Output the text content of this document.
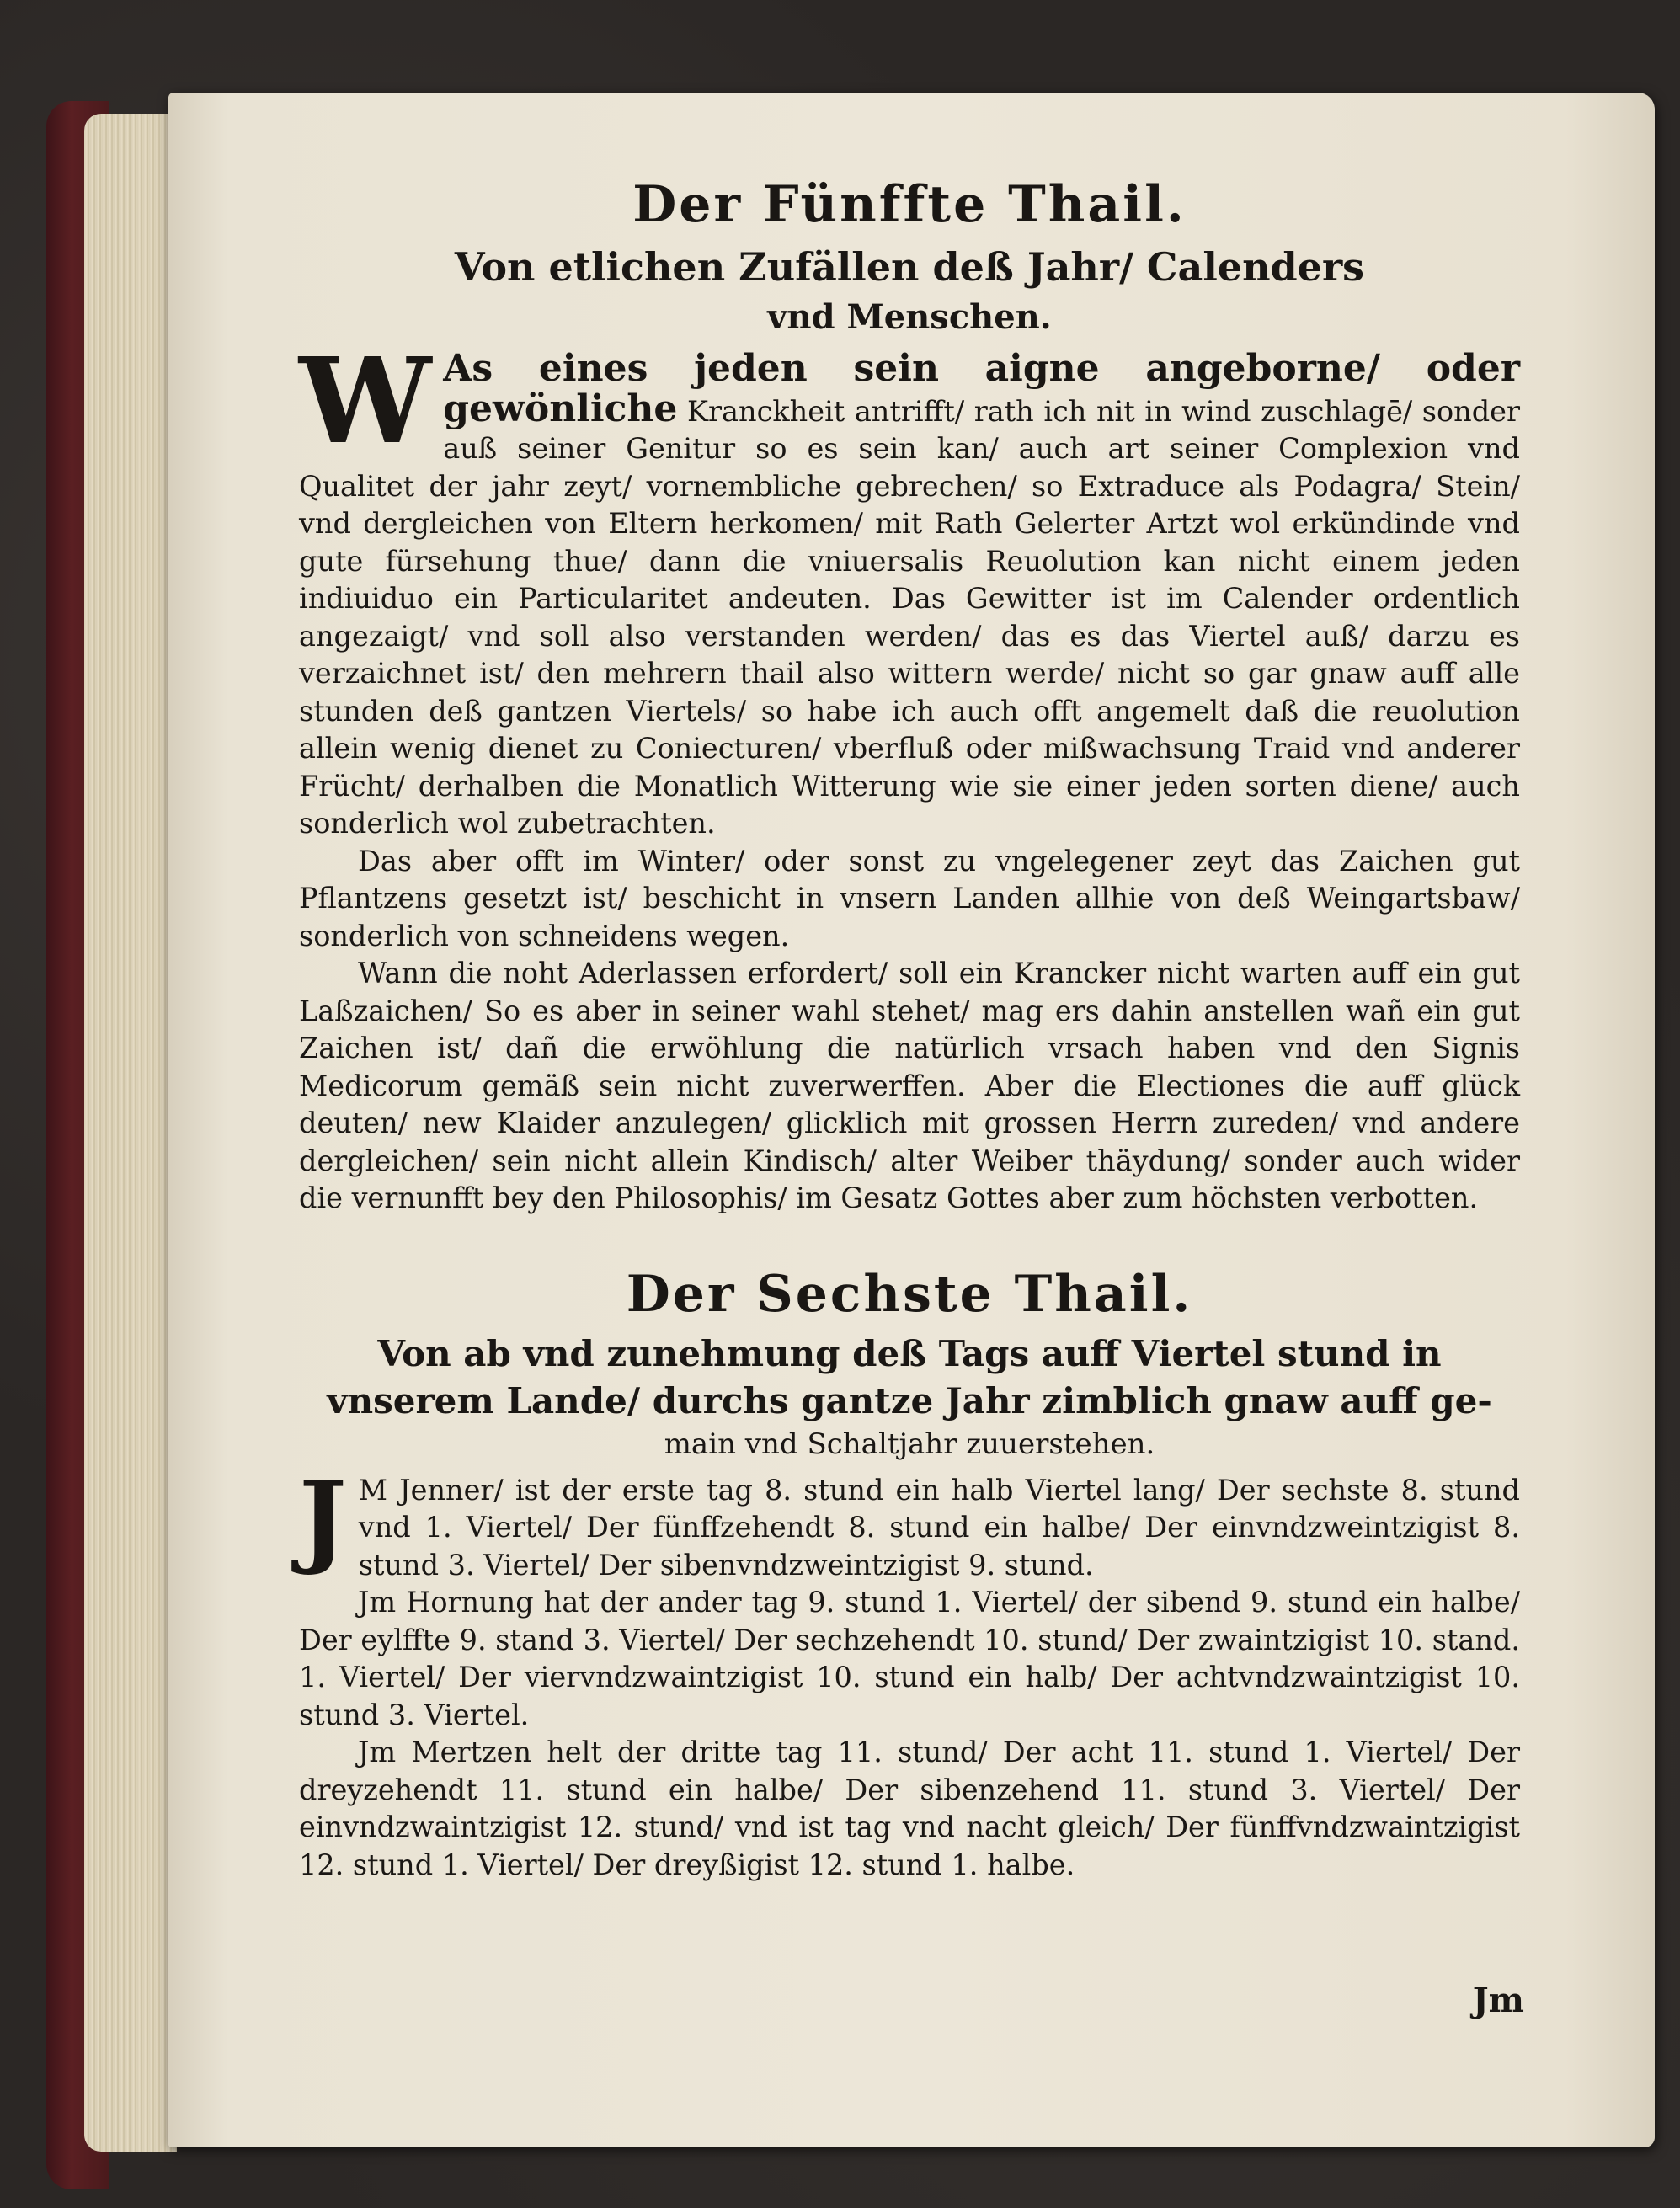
Der Fünffte Thail.
Von etlichen Zufällen deß Jahr/ Calenders
vnd Menschen.

W As eines jeden sein aigne angeborne/ oder gewönliche Kranckheit antrifft/ rath ich nit in wind zuschlagē/ sonder auß seiner Genitur so es sein kan/ auch art seiner Complexion vnd Qualitet der jahr zeyt/ vornembliche gebrechen/ so Extraduce als Podagra/ Stein/ vnd dergleichen von Eltern herkomen/ mit Rath Gelerter Artzt wol erkündinde vnd gute fürsehung thue/ dann die vniuersalis Reuolution kan nicht einem jeden indiuiduo ein Particularitet andeuten. Das Gewitter ist im Calender ordentlich angezaigt/ vnd soll also verstanden werden/ das es das Viertel auß/ darzu es verzaichnet ist/ den mehrern thail also wittern werde/ nicht so gar gnaw auff alle stunden deß gantzen Viertels/ so habe ich auch offt angemelt daß die reuolution allein wenig dienet zu Coniecturen/ vberfluß oder mißwachsung Traid vnd anderer Frücht/ derhalben die Monatlich Witterung wie sie einer jeden sorten diene/ auch sonderlich wol zubetrachten.

Das aber offt im Winter/ oder sonst zu vngelegener zeyt das Zaichen gut Pflantzens gesetzt ist/ beschicht in vnsern Landen allhie von deß Weingartsbaw/ sonderlich von schneidens wegen.

Wann die noht Aderlassen erfordert/ soll ein Krancker nicht warten auff ein gut Laßzaichen/ So es aber in seiner wahl stehet/ mag ers dahin anstellen wañ ein gut Zaichen ist/ dañ die erwöhlung die natürlich vrsach haben vnd den Signis Medicorum gemäß sein nicht zuverwerffen. Aber die Electiones die auff glück deuten/ new Klaider anzulegen/ glicklich mit grossen Herrn zureden/ vnd andere dergleichen/ sein nicht allein Kindisch/ alter Weiber thäydung/ sonder auch wider die vernunfft bey den Philosophis/ im Gesatz Gottes aber zum höchsten verbotten.

Der Sechste Thail.
Von ab vnd zunehmung deß Tags auff Viertel stund in vnserem Lande/ durchs gantze Jahr zimblich gnaw auff ge-

main vnd Schaltjahr zuuerstehen.

J M Jenner/ ist der erste tag 8. stund ein halb Viertel lang/ Der sechste 8. stund vnd 1. Viertel/ Der fünffzehendt 8. stund ein halbe/ Der einvndzweintzigist 8. stund 3. Viertel/ Der sibenvndzweintzigist 9. stund.

Jm Hornung hat der ander tag 9. stund 1. Viertel/ der sibend 9. stund ein halbe/ Der eylffte 9. stand 3. Viertel/ Der sechzehendt 10. stund/ Der zwaintzigist 10. stand. 1. Viertel/ Der viervndzwaintzigist 10. stund ein halb/ Der achtvndzwaintzigist 10. stund 3. Viertel.

Jm Mertzen helt der dritte tag 11. stund/ Der acht 11. stund 1. Viertel/ Der dreyzehendt 11. stund ein halbe/ Der sibenzehend 11. stund 3. Viertel/ Der einvndzwaintzigist 12. stund/ vnd ist tag vnd nacht gleich/ Der fünffvndzwaintzigist 12. stund 1. Viertel/ Der dreyßigist 12. stund 1. halbe.

Jm
